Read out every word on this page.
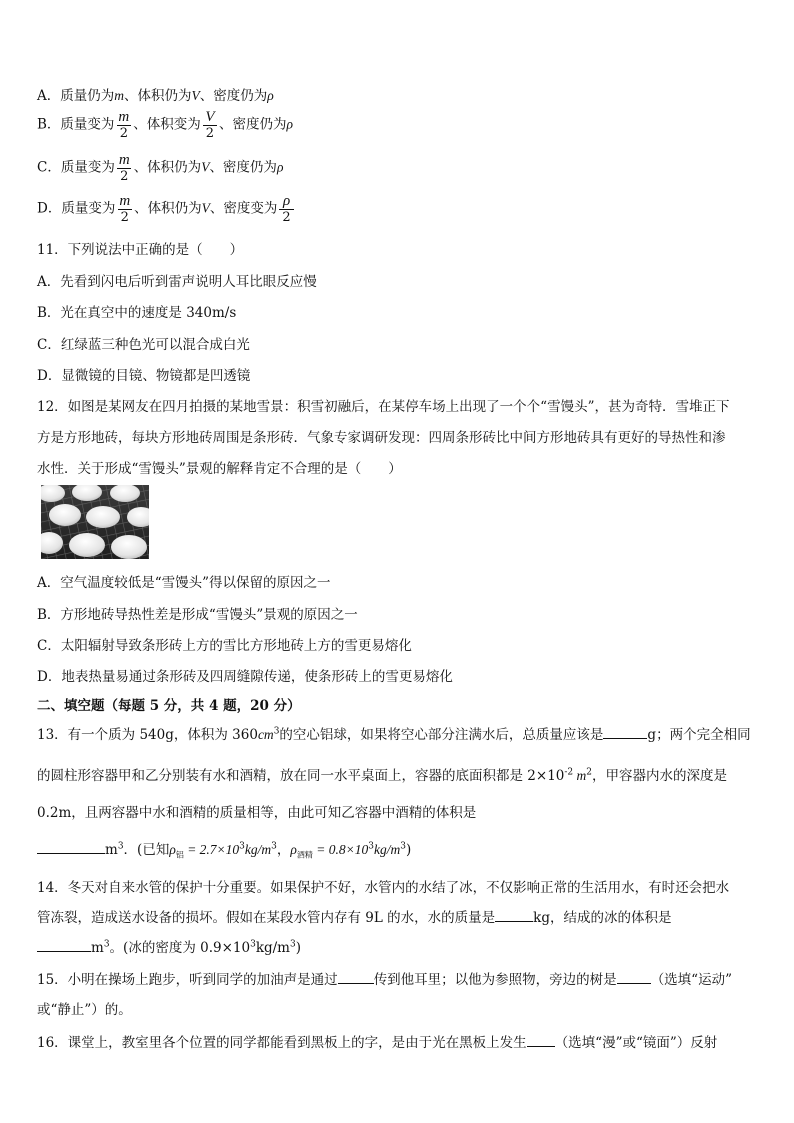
A．质量仍为m、体积仍为V、密度仍为ρ
B．质量变为 $\frac{m}{2}$ 、体积变为 $\frac{V}{2}$ 、密度仍为ρ
C．质量变为 $\frac{m}{2}$ 、体积仍为V、密度仍为ρ
D．质量变为 $\frac{m}{2}$ 、体积仍为V、密度变为 $\frac{\rho}{2}$
11．下列说法中正确的是（　　）
A．先看到闪电后听到雷声说明人耳比眼反应慢
B．光在真空中的速度是 340m/s
C．红绿蓝三种色光可以混合成白光
D．显微镜的目镜、物镜都是凹透镜
12．如图是某网友在四月拍摄的某地雪景：积雪初融后，在某停车场上出现了一个个“雪馒头”，甚为奇特．雪堆正下
方是方形地砖，每块方形地砖周围是条形砖．气象专家调研发现：四周条形砖比中间方形地砖具有更好的导热性和渗
水性．关于形成“雪馒头”景观的解释肯定不合理的是（　　）
A．空气温度较低是“雪馒头”得以保留的原因之一
B．方形地砖导热性差是形成“雪馒头”景观的原因之一
C．太阳辐射导致条形砖上方的雪比方形地砖上方的雪更易熔化
D．地表热量易通过条形砖及四周缝隙传递，使条形砖上的雪更易熔化
二、填空题（每题 5 分，共 4 题，20 分）
13．有一个质为 540g，体积为 $360cm^3$的空心铝球，如果将空心部分注满水后，总质量应该是	g；两个完全相同
的圆柱形容器甲和乙分别装有水和酒精，放在同一水平桌面上，容器的底面积都是 $2\times 10^{-2}$ $m^2$，甲容器内水的深度是
0.2m，且两容器中水和酒精的质量相等，由此可知乙容器中酒精的体积是
$m^3$．(已知$\rho_铝 = 2.7\times 10^3kg/m^3$，$\rho_{酒精} = 0.8\times 10^3kg/m^3$)
14．冬天对自来水管的保护十分重要。如果保护不好，水管内的水结了冰，不仅影响正常的生活用水，有时还会把水
管冻裂，造成送水设备的损坏。假如在某段水管内存有 9L 的水，水的质量是	kg，结成的冰的体积是
$m^3$。(冰的密度为 $0.9\times 10^3kg/m^3$)
15．小明在操场上跑步，听到同学的加油声是通过	传到他耳里；以他为参照物，旁边的树是	（选填“运动”
或“静止”）的。
16．课堂上，教室里各个位置的同学都能看到黑板上的字，是由于光在黑板上发生 （选填“漫”或“镜面”）反射
